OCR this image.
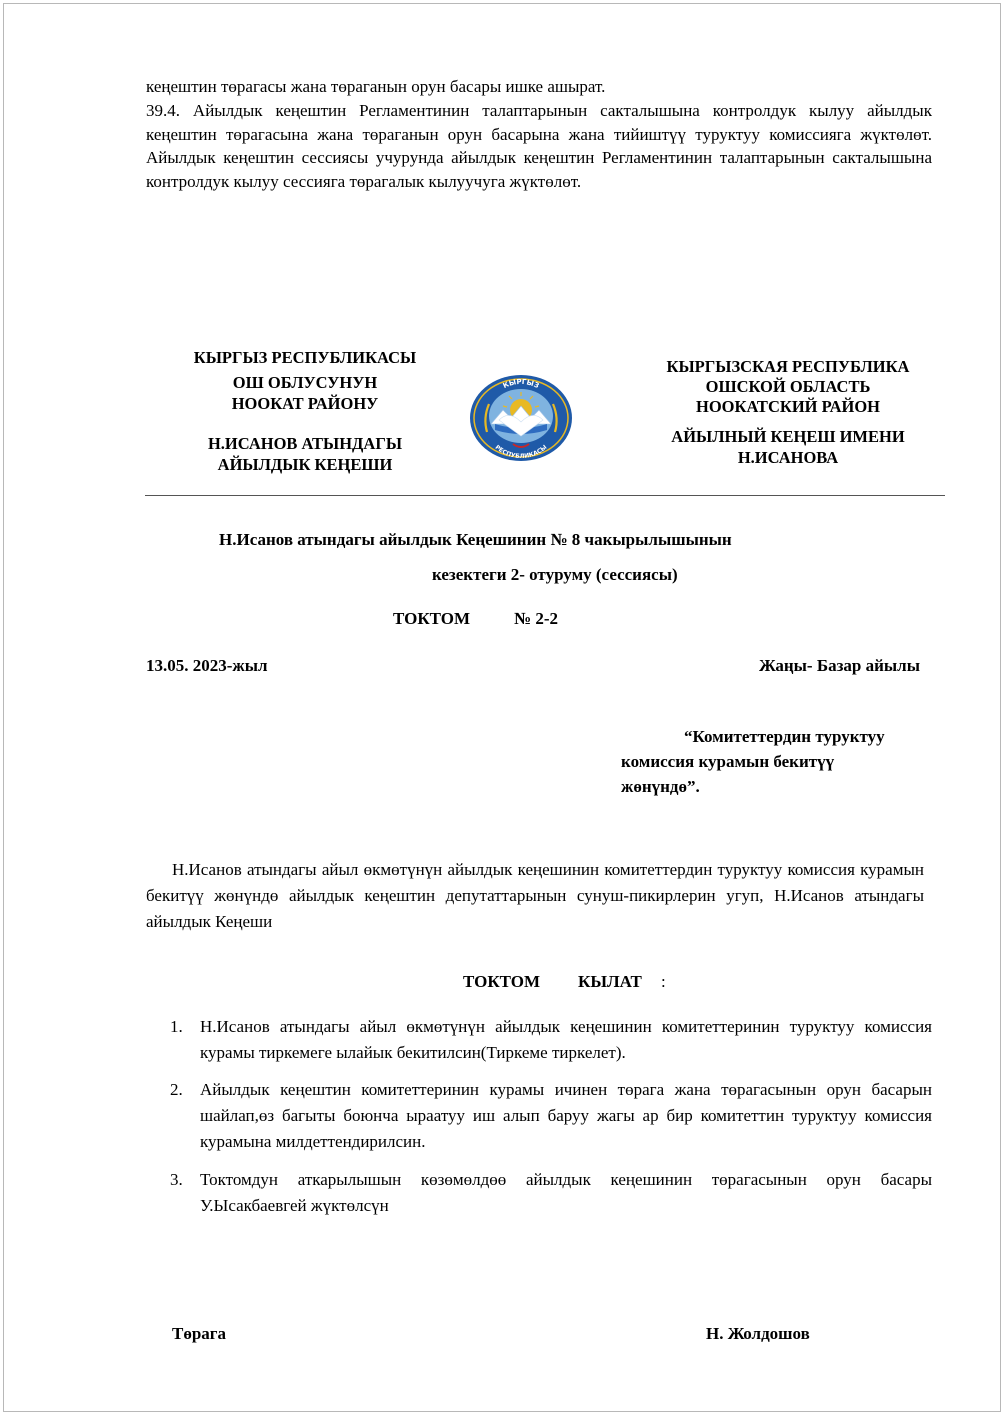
кеңештин төрагасы жана төраганын орун басары ишке ашырат.
39.4. Айылдык кеңештин Регламентинин талаптарынын сакталышына контролдук кылуу айылдык кеңештин төрагасына жана төраганын орун басарына жана тийиштүү туруктуу комиссияга жүктөлөт. Айылдык кеңештин сессиясы учурунда айылдык кеңештин Регламентинин талаптарынын сакталышына контролдук кылуу сессияга төрагалык кылуучуга жүктөлөт.
КЫРГЫЗ РЕСПУБЛИКАСЫ
ОШ ОБЛУСУНУН
НООКАТ РАЙОНУ
Н.ИСАНОВ АТЫНДАГЫ
АЙЫЛДЫК КЕҢЕШИ
КЫРГЫЗ
РЕСПУБЛИКАСЫ
КЫРГЫЗСКАЯ РЕСПУБЛИКА
ОШСКОЙ ОБЛАСТЬ
НООКАТСКИЙ РАЙОН
АЙЫЛНЫЙ КЕҢЕШ ИМЕНИ
Н.ИСАНОВА
Н.Исанов атындагы айылдык Кеңешинин № 8 чакырылышынын
кезектеги 2- отуруму (сессиясы)
ТОКТОМ	№ 2-2
13.05. 2023-жыл	Жаңы- Базар айылы
“Комитеттердин туруктуу
комиссия курамын бекитүү
жөнүндө”.
Н.Исанов атындагы айыл өкмөтүнүн айылдык кеңешинин комитеттердин туруктуу комиссия курамын бекитүү жөнүндө айылдык кеңештин депутаттарынын сунуш-пикирлерин угуп, Н.Исанов атындагы айылдык Кеңеши
ТОКТОМ	КЫЛАТ	:
1. Н.Исанов атындагы айыл өкмөтүнүн айылдык кеңешинин комитеттеринин туруктуу комиссия курамы тиркемеге ылайык бекитилсин(Тиркеме тиркелет).
2. Айылдык кеңештин комитеттеринин курамы ичинен төрага жана төрагасынын орун басарын шайлап,өз багыты боюнча ыраатуу иш алып баруу жагы ар бир комитеттин туруктуу комиссия курамына милдеттендирилсин.
3. Токтомдун аткарылышын көзөмөлдөө айылдык кеңешинин төрагасынын орун басары У.Ысакбаевгей жүктөлсүн
Төрага	Н. Жолдошов
